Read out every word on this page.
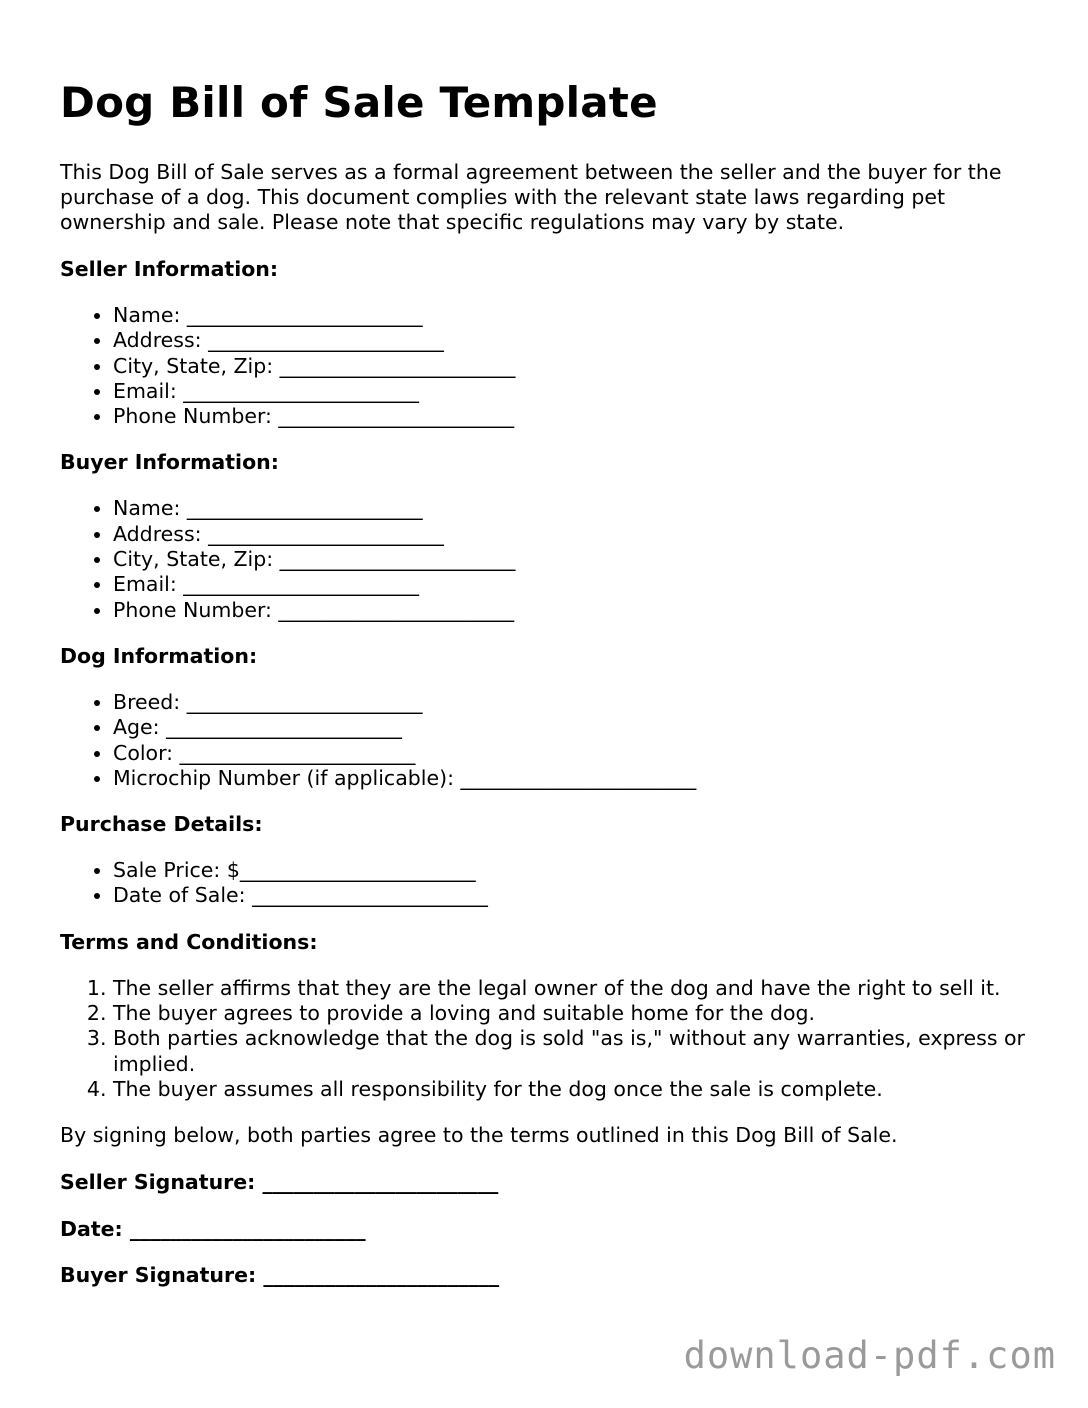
Dog Bill of Sale Template

This Dog Bill of Sale serves as a formal agreement between the seller and the buyer for the purchase of a dog. This document complies with the relevant state laws regarding pet ownership and sale. Please note that specific regulations may vary by state.

Seller Information:
• Name: _______________________
• Address: _______________________
• City, State, Zip: _______________________
• Email: _______________________
• Phone Number: _______________________
Buyer Information:
• Name: _______________________
• Address: _______________________
• City, State, Zip: _______________________
• Email: _______________________
• Phone Number: _______________________
Dog Information:
• Breed: _______________________
• Age: _______________________
• Color: _______________________
• Microchip Number (if applicable): _______________________
Purchase Details:
• Sale Price: $_______________________
• Date of Sale: _______________________
Terms and Conditions:
1. The seller affirms that they are the legal owner of the dog and have the right to sell it.
2. The buyer agrees to provide a loving and suitable home for the dog.
3. Both parties acknowledge that the dog is sold "as is," without any warranties, express or implied.
4. The buyer assumes all responsibility for the dog once the sale is complete.

By signing below, both parties agree to the terms outlined in this Dog Bill of Sale.

Seller Signature: _______________________

Date: _______________________

Buyer Signature: _______________________

download-pdf.com
